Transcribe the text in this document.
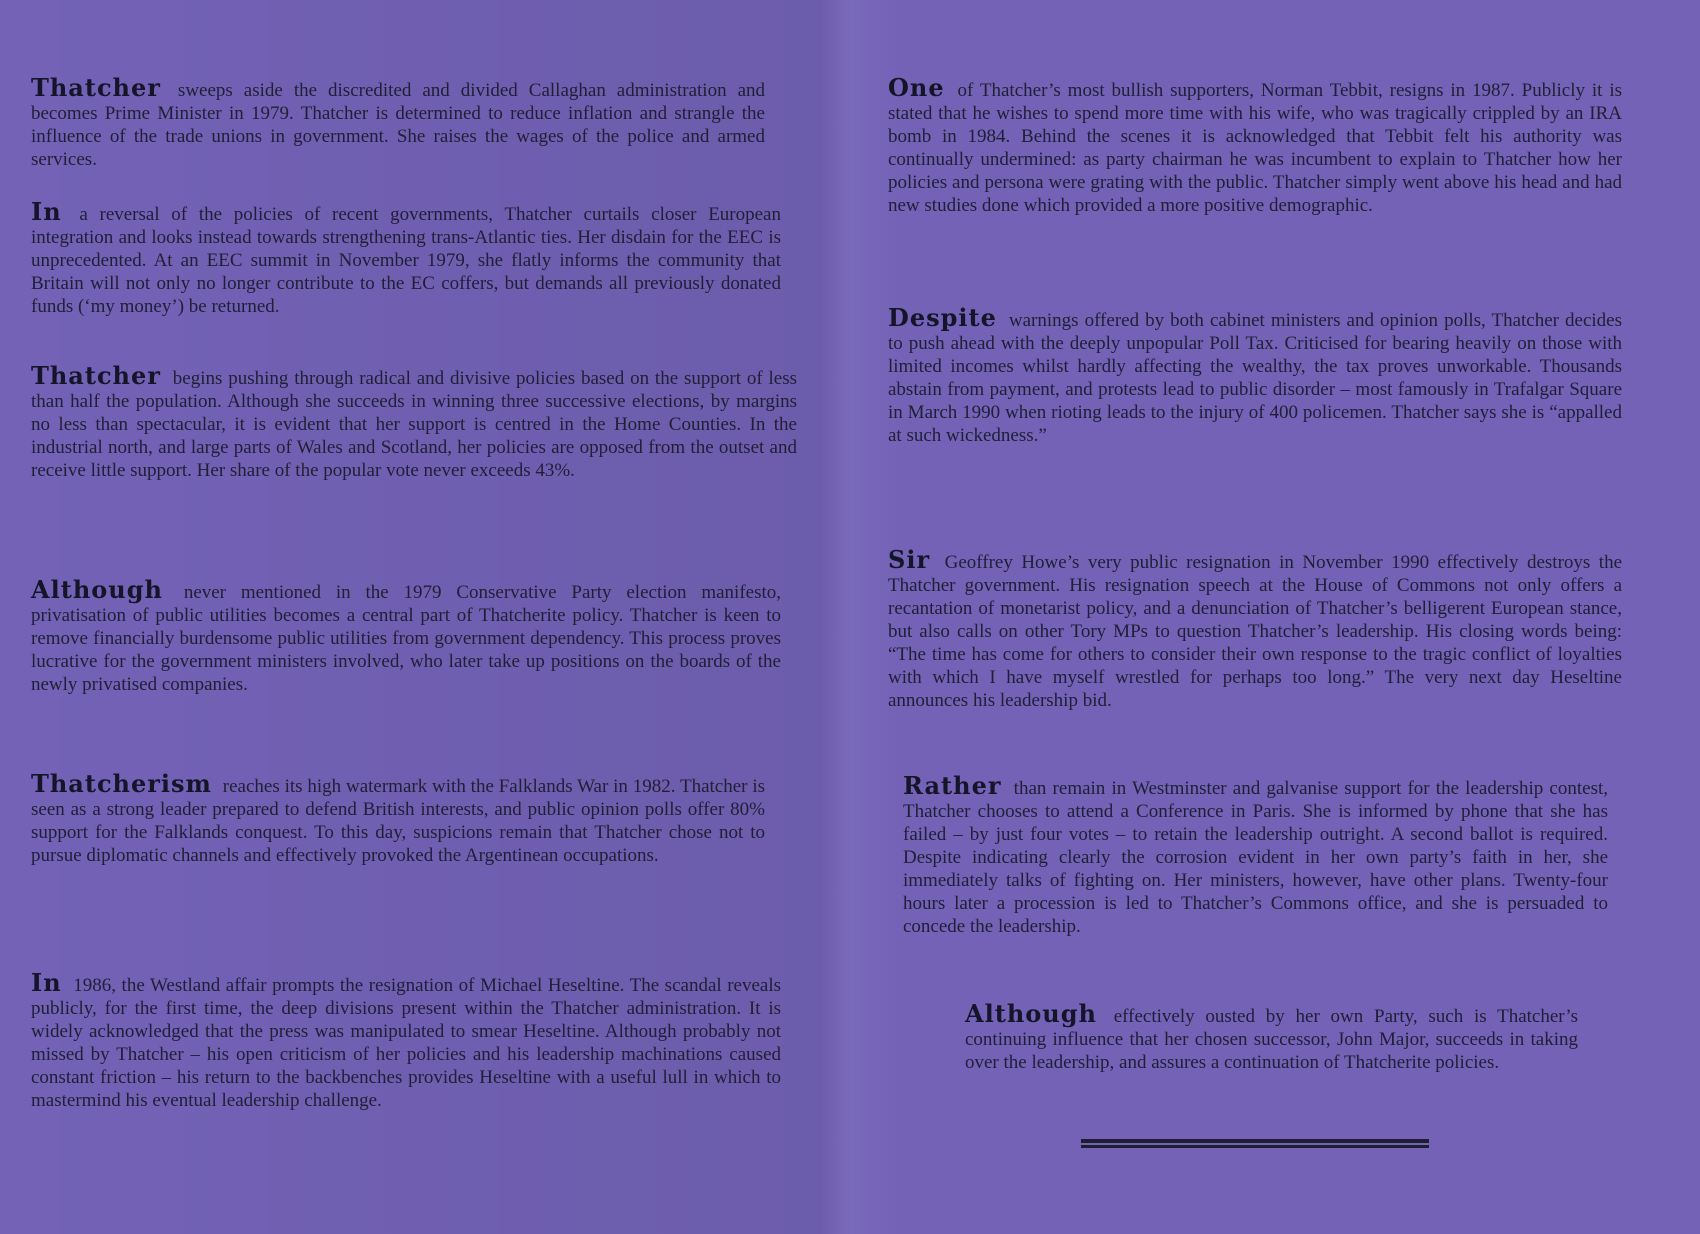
Thatcher sweeps aside the discredited and divided Callaghan administration and becomes Prime Minister in 1979. Thatcher is determined to reduce inflation and strangle the influence of the trade unions in government. She raises the wages of the police and armed services.

In a reversal of the policies of recent governments, Thatcher curtails closer European integration and looks instead towards strengthening trans-Atlantic ties. Her disdain for the EEC is unprecedented. At an EEC summit in November 1979, she flatly informs the community that Britain will not only no longer contribute to the EC coffers, but demands all previously donated funds (‘my money’) be returned.

Thatcher begins pushing through radical and divisive policies based on the support of less than half the population. Although she succeeds in winning three successive elections, by margins no less than spectacular, it is evident that her support is centred in the Home Counties. In the industrial north, and large parts of Wales and Scotland, her policies are opposed from the outset and receive little support. Her share of the popular vote never exceeds 43%.

Although never mentioned in the 1979 Conservative Party election manifesto, privatisation of public utilities becomes a central part of Thatcherite policy. Thatcher is keen to remove financially burdensome public utilities from government dependency. This process proves lucrative for the government ministers involved, who later take up positions on the boards of the newly privatised companies.

Thatcherism reaches its high watermark with the Falklands War in 1982. Thatcher is seen as a strong leader prepared to defend British interests, and public opinion polls offer 80% support for the Falklands conquest. To this day, suspicions remain that Thatcher chose not to pursue diplomatic channels and effectively provoked the Argentinean occupations.

In 1986, the Westland affair prompts the resignation of Michael Heseltine. The scandal reveals publicly, for the first time, the deep divisions present within the Thatcher administration. It is widely acknowledged that the press was manipulated to smear Heseltine. Although probably not missed by Thatcher – his open criticism of her policies and his leadership machinations caused constant friction – his return to the backbenches provides Heseltine with a useful lull in which to mastermind his eventual leadership challenge.

One of Thatcher’s most bullish supporters, Norman Tebbit, resigns in 1987. Publicly it is stated that he wishes to spend more time with his wife, who was tragically crippled by an IRA bomb in 1984. Behind the scenes it is acknowledged that Tebbit felt his authority was continually undermined: as party chairman he was incumbent to explain to Thatcher how her policies and persona were grating with the public. Thatcher simply went above his head and had new studies done which provided a more positive demographic.

Despite warnings offered by both cabinet ministers and opinion polls, Thatcher decides to push ahead with the deeply unpopular Poll Tax. Criticised for bearing heavily on those with limited incomes whilst hardly affecting the wealthy, the tax proves unworkable. Thousands abstain from payment, and protests lead to public disorder – most famously in Trafalgar Square in March 1990 when rioting leads to the injury of 400 policemen. Thatcher says she is “appalled at such wickedness.”

Sir Geoffrey Howe’s very public resignation in November 1990 effectively destroys the Thatcher government. His resignation speech at the House of Commons not only offers a recantation of monetarist policy, and a denunciation of Thatcher’s belligerent European stance, but also calls on other Tory MPs to question Thatcher’s leadership. His closing words being: “The time has come for others to consider their own response to the tragic conflict of loyalties with which I have myself wrestled for perhaps too long.” The very next day Heseltine announces his leadership bid.

Rather than remain in Westminster and galvanise support for the leadership contest, Thatcher chooses to attend a Conference in Paris. She is informed by phone that she has failed – by just four votes – to retain the leadership outright. A second ballot is required. Despite indicating clearly the corrosion evident in her own party’s faith in her, she immediately talks of fighting on. Her ministers, however, have other plans. Twenty-four hours later a procession is led to Thatcher’s Commons office, and she is persuaded to concede the leadership.

Although effectively ousted by her own Party, such is Thatcher’s continuing influence that her chosen successor, John Major, succeeds in taking over the leadership, and assures a continuation of Thatcherite policies.
